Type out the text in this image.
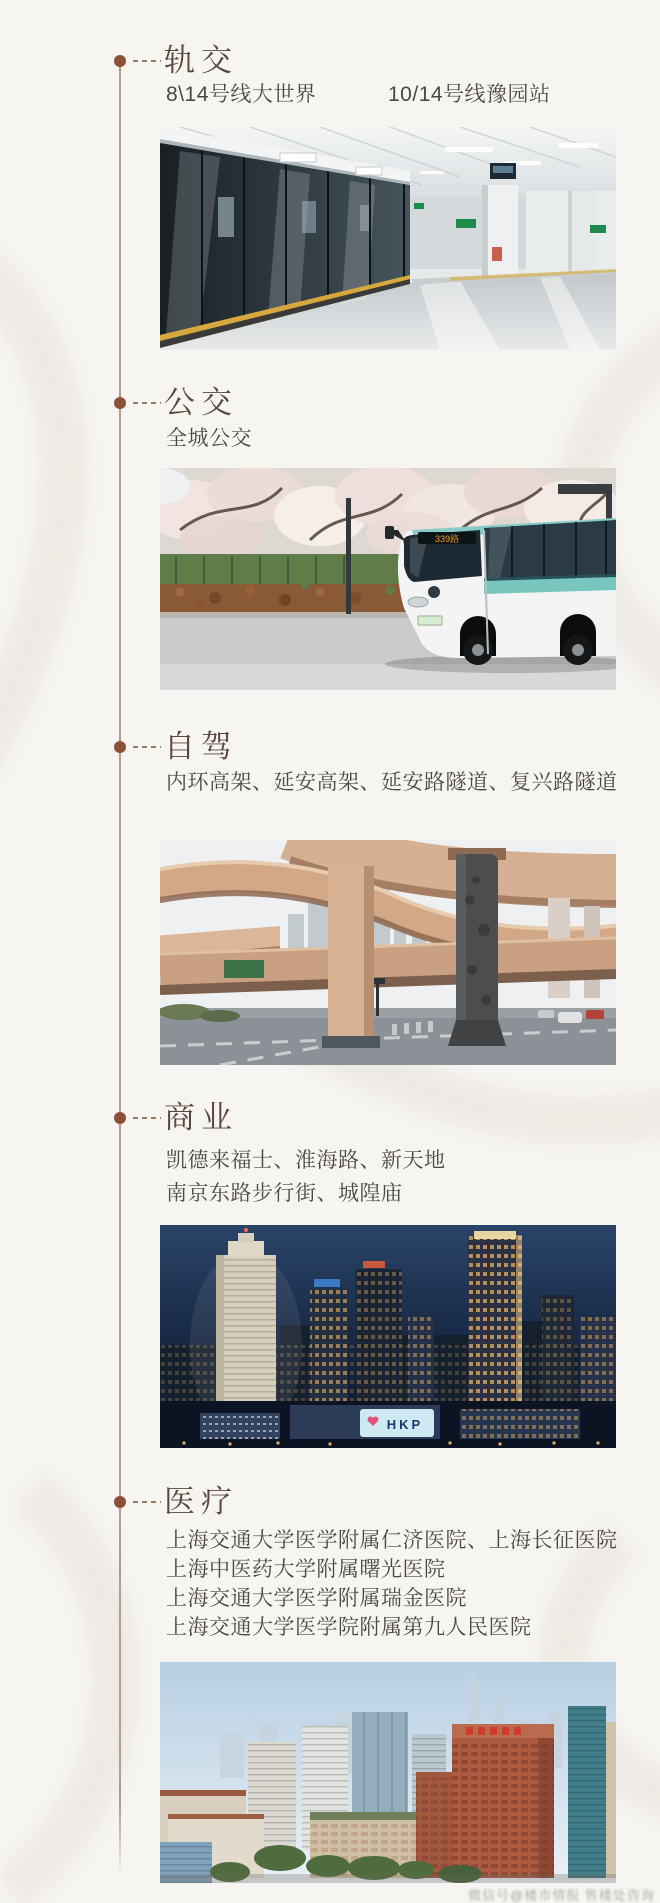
轨交
8\14号线大世界	10/14号线豫园站
公交
全城公交
339路
自驾
内环高架、延安高架、延安路隧道、复兴路隧道
商业
凯德来福士、淮海路、新天地
南京东路步行街、城隍庙
HKP
医疗
上海交通大学医学附属仁济医院、上海长征医院
上海中医药大学附属曙光医院
上海交通大学医学附属瑞金医院
上海交通大学医学院附属第九人民医院
微信号@楼市情报 售楼处咨询
